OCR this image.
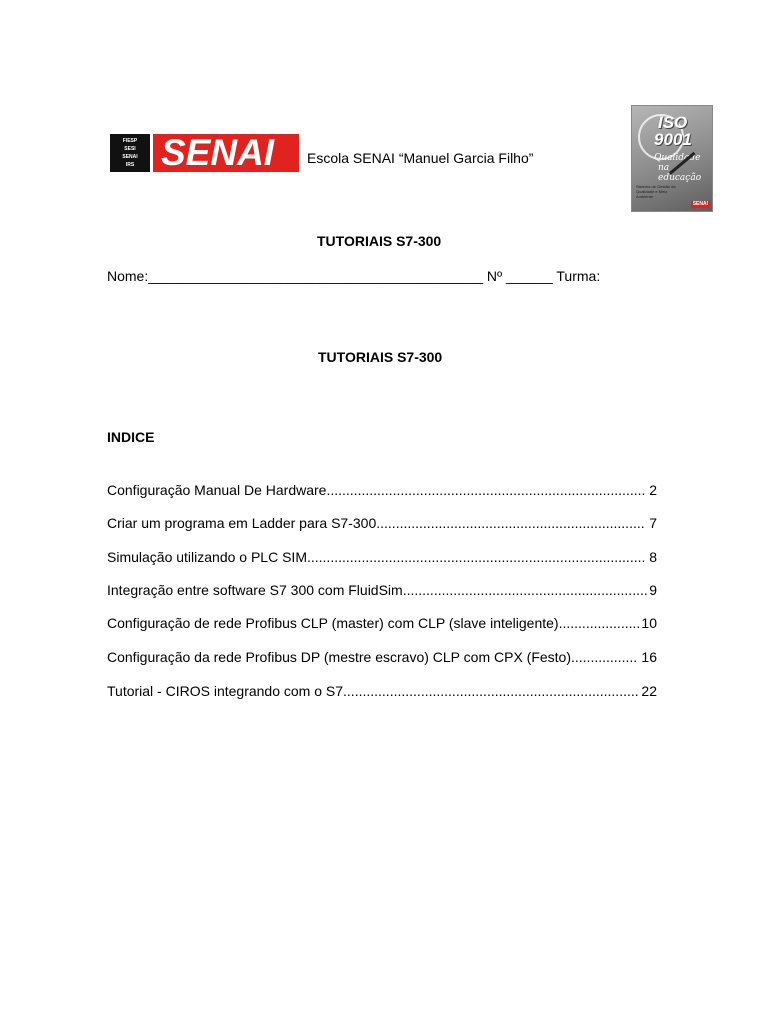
FIESP
SESI
SENAI
IRS SENAI Escola SENAI “Manuel Garcia Filho”
ISO
9001
Qualidade
na educação
Sistema de Gestão da Qualidade e Meio Ambiente
SENAI
TUTORIAIS S7-300
Nome:___________________________________________ Nº ______ Turma:
TUTORIAIS S7-300
INDICE
Configuração Manual De Hardware.................................................................................. 2
Criar um programa em Ladder para S7-300..................................................................... 7
Simulação utilizando o PLC SIM....................................................................................... 8
Integração entre software S7 300 com FluidSim............................................................... 9
Configuração de rede Profibus CLP (master) com CLP (slave inteligente)..................... 10
Configuração da rede Profibus DP (mestre escravo) CLP com CPX (Festo)................. 16
Tutorial - CIROS integrando com o S7............................................................................ 22
